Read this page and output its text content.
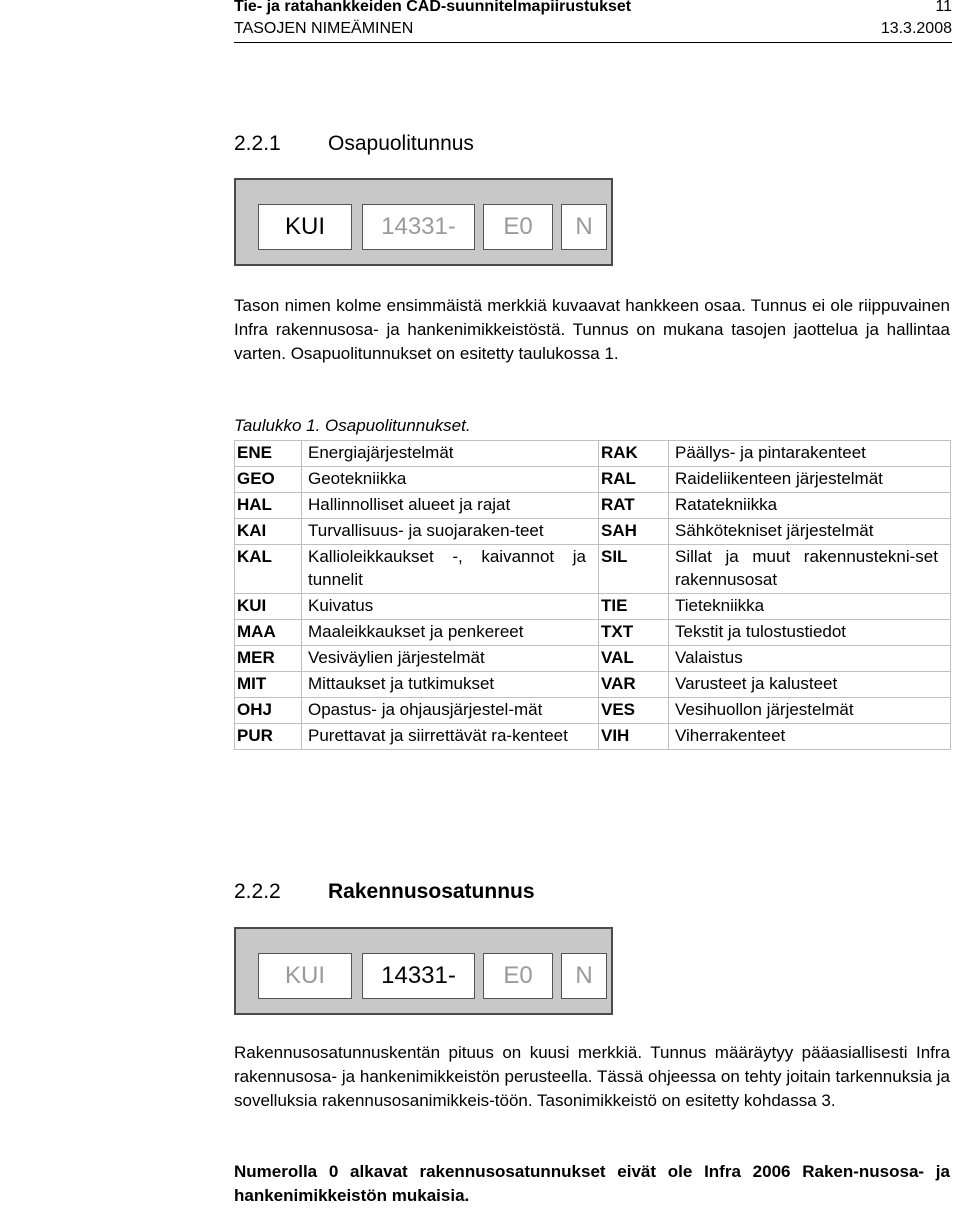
Tie- ja ratahankkeiden CAD-suunnitelmapiirustukset	11
TASOJEN NIMEÄMINEN	13.3.2008
2.2.1 Osapuolitunnus
KUI	14331-	E0	N

Tason nimen kolme ensimmäistä merkkiä kuvaavat hankkeen osaa. Tunnus ei ole riippuvainen Infra rakennusosa- ja hankenimikkeistöstä. Tunnus on mukana tasojen jaottelua ja hallintaa varten. Osapuolitunnukset on esitetty taulukossa 1.

Taulukko 1. Osapuolitunnukset.
ENE	Energiajärjestelmät	RAK	Päällys- ja pintarakenteet
GEO	Geotekniikka	RAL	Raideliikenteen järjestelmät
HAL	Hallinnolliset alueet ja rajat	RAT	Ratatekniikka
KAI	Turvallisuus- ja suojaraken-teet	SAH	Sähkötekniset järjestelmät
KAL	Kallioleikkaukset -, kaivannot ja tunnelit	SIL	Sillat ja muut rakennustekni-set rakennusosat
KUI	Kuivatus	TIE	Tietekniikka
MAA	Maaleikkaukset ja penkereet	TXT	Tekstit ja tulostustiedot
MER	Vesiväylien järjestelmät	VAL	Valaistus
MIT	Mittaukset ja tutkimukset	VAR	Varusteet ja kalusteet
OHJ	Opastus- ja ohjausjärjestel-mät	VES	Vesihuollon järjestelmät
PUR	Purettavat ja siirrettävät ra-kenteet	VIH	Viherrakenteet
2.2.2 Rakennusosatunnus
KUI	14331-	E0	N

Rakennusosatunnuskentän pituus on kuusi merkkiä. Tunnus määräytyy pääasiallisesti Infra rakennusosa- ja hankenimikkeistön perusteella. Tässä ohjeessa on tehty joitain tarkennuksia ja sovelluksia rakennusosanimikkeis-töön. Tasonimikkeistö on esitetty kohdassa 3.

Numerolla 0 alkavat rakennusosatunnukset eivät ole Infra 2006 Raken-nusosa- ja hankenimikkeistön mukaisia.
